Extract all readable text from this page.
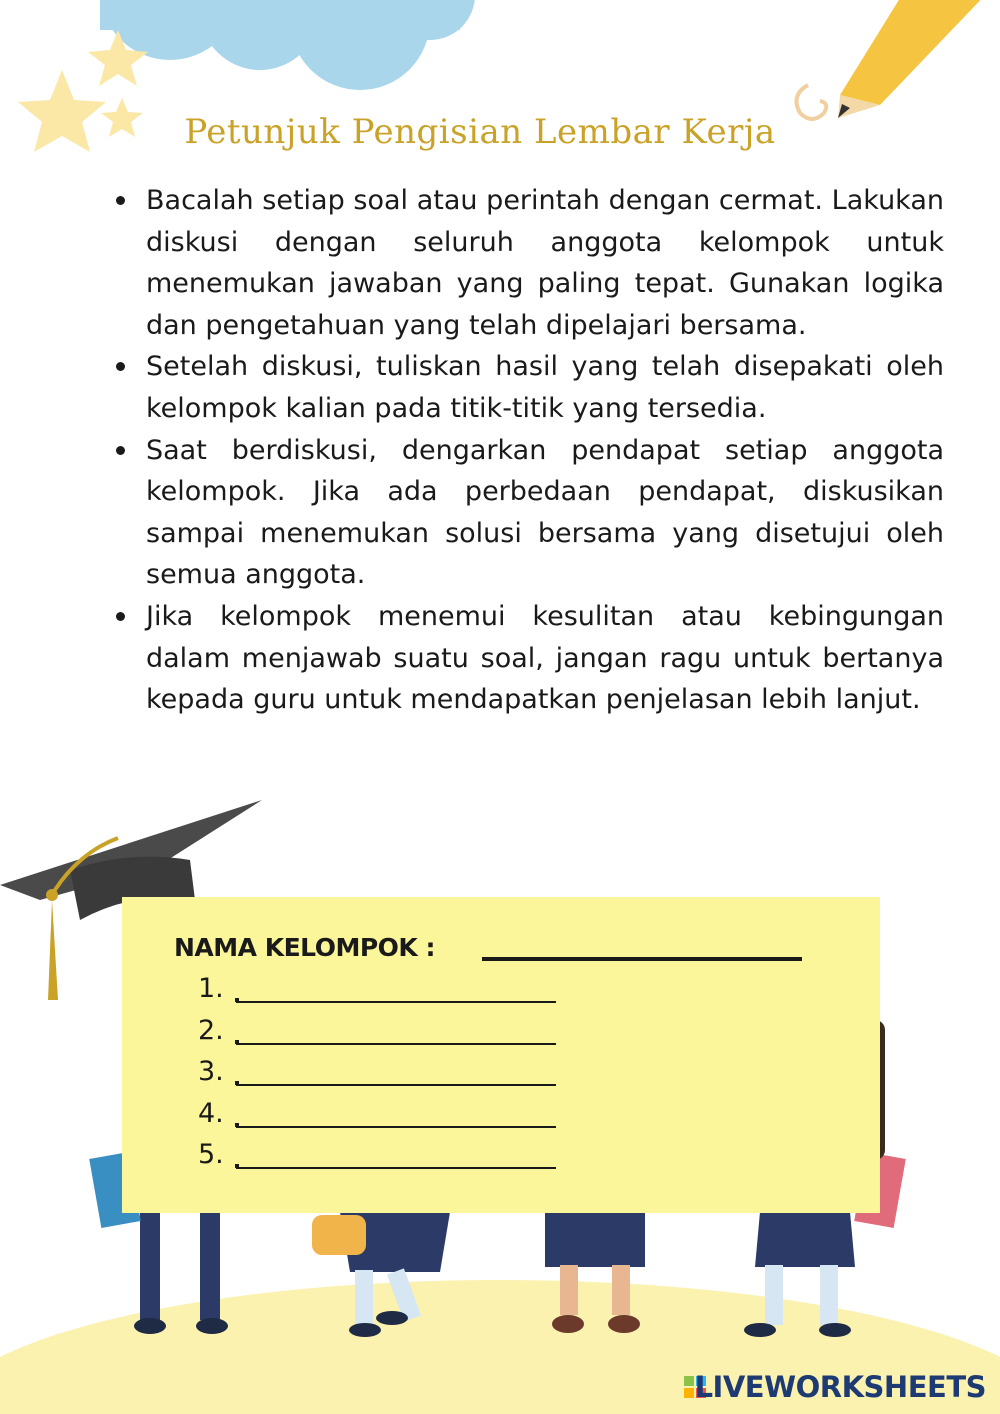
Petunjuk Pengisian Lembar Kerja
Bacalah setiap soal atau perintah dengan cermat. Lakukan diskusi dengan seluruh anggota kelompok untuk menemukan jawaban yang paling tepat. Gunakan logika dan pengetahuan yang telah dipelajari bersama.
Setelah diskusi, tuliskan hasil yang telah disepakati oleh kelompok kalian pada titik-titik yang tersedia.
Saat berdiskusi, dengarkan pendapat setiap anggota kelompok. Jika ada perbedaan pendapat, diskusikan sampai menemukan solusi bersama yang disetujui oleh semua anggota.
Jika kelompok menemui kesulitan atau kebingungan dalam menjawab suatu soal, jangan ragu untuk bertanya kepada guru untuk mendapatkan penjelasan lebih lanjut.
NAMA KELOMPOK :
1.
2.
3.
4.
5.
LIVEWORKSHEETS
